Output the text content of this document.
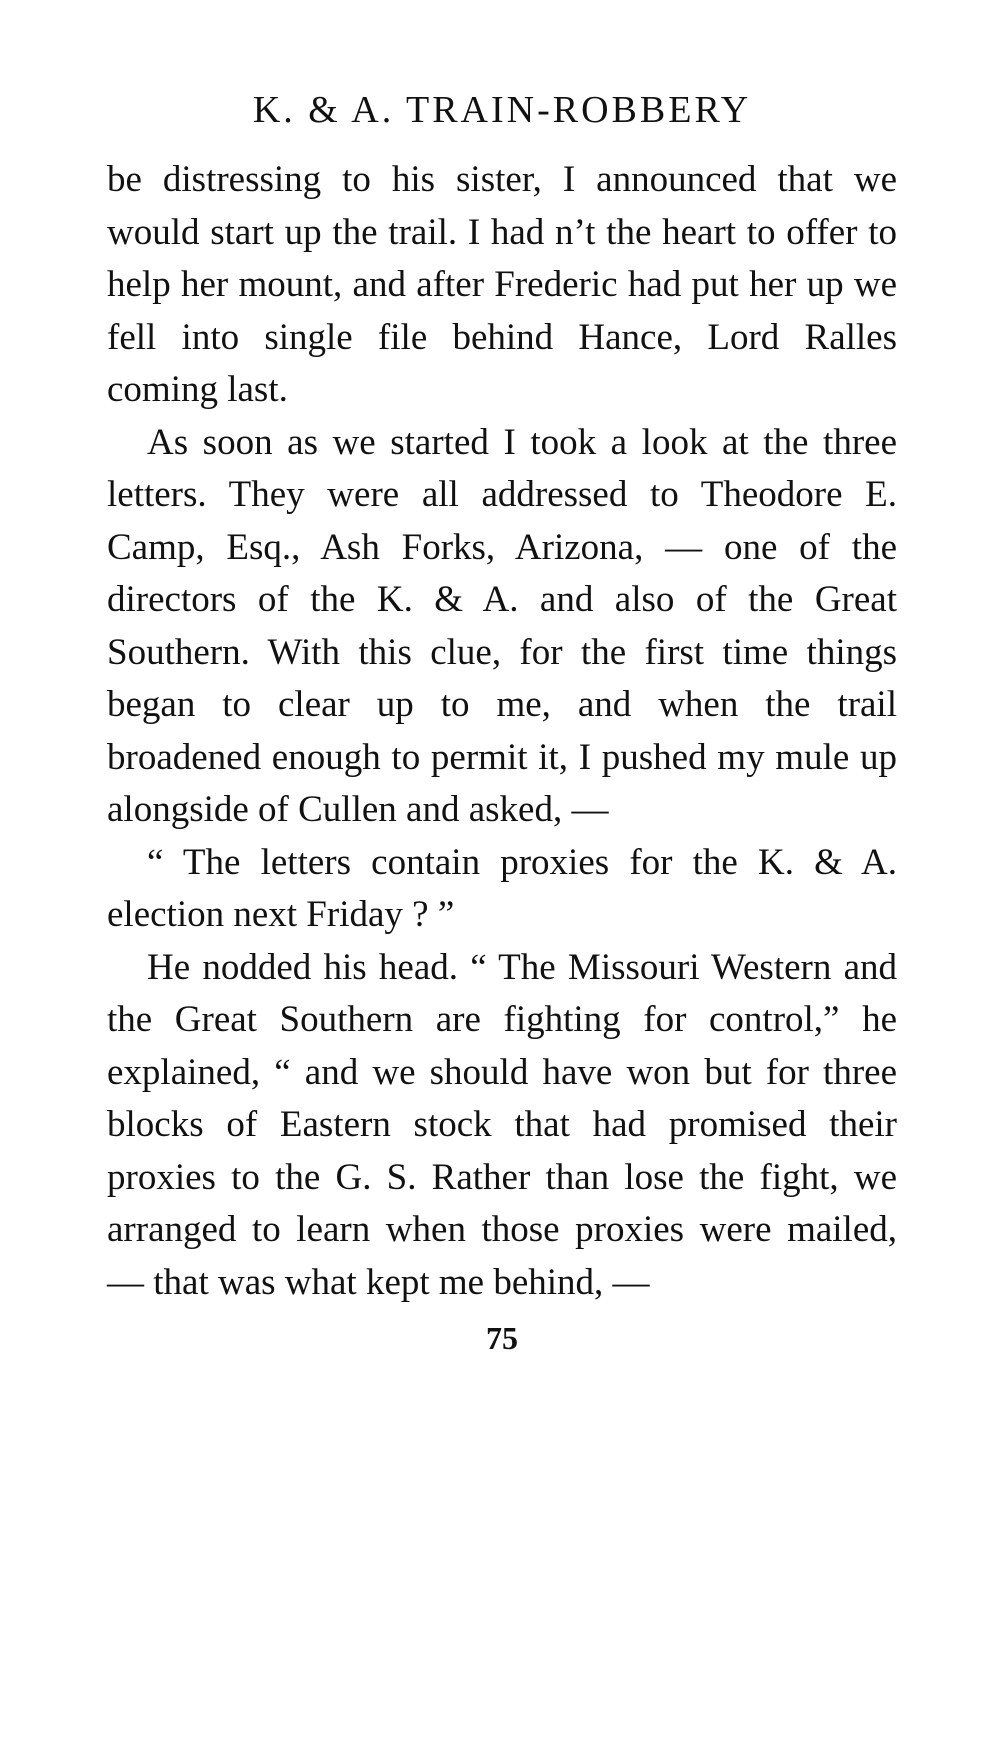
K. & A. TRAIN-ROBBERY

be distressing to his sister, I announced that we would start up the trail. I had n’t the heart to offer to help her mount, and after Frederic had put her up we fell into single file behind Hance, Lord Ralles coming last.

As soon as we started I took a look at the three letters. They were all addressed to Theodore E. Camp, Esq., Ash Forks, Arizona, — one of the directors of the K. & A. and also of the Great Southern. With this clue, for the first time things began to clear up to me, and when the trail broadened enough to permit it, I pushed my mule up alongside of Cullen and asked, —

“ The letters contain proxies for the K. & A. election next Friday ? ”

He nodded his head. “ The Missouri Western and the Great Southern are fighting for control,” he explained, “ and we should have won but for three blocks of Eastern stock that had promised their proxies to the G. S. Rather than lose the fight, we arranged to learn when those proxies were mailed, — that was what kept me behind, —

75
